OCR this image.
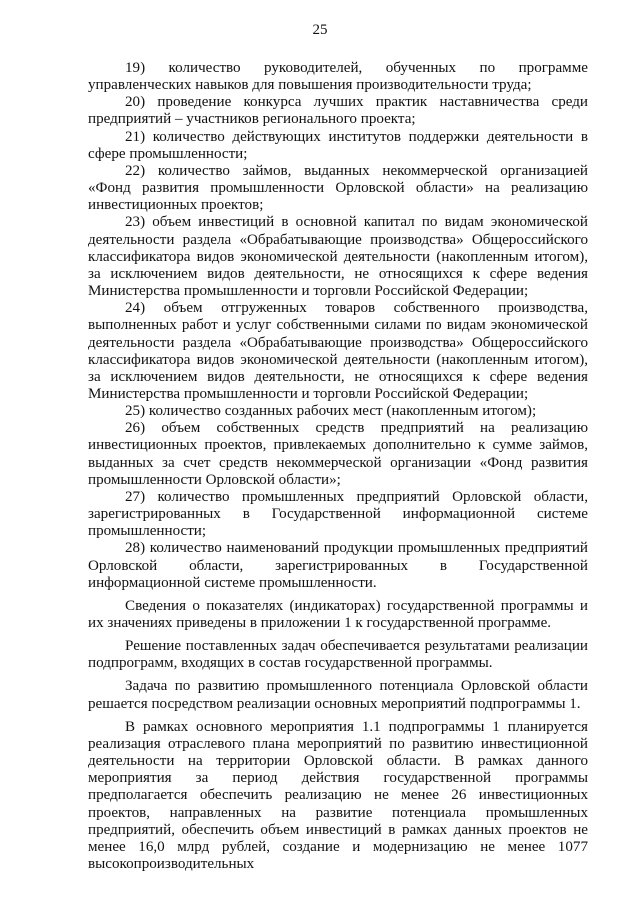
25

19) количество руководителей, обученных по программе управленческих навыков для повышения производительности труда;

20) проведение конкурса лучших практик наставничества среди предприятий – участников регионального проекта;

21) количество действующих институтов поддержки деятельности в сфере промышленности;

22) количество займов, выданных некоммерческой организацией «Фонд развития промышленности Орловской области» на реализацию инвестиционных проектов;

23) объем инвестиций в основной капитал по видам экономической деятельности раздела «Обрабатывающие производства» Общероссийского классификатора видов экономической деятельности (накопленным итогом), за исключением видов деятельности, не относящихся к сфере ведения Министерства промышленности и торговли Российской Федерации;

24) объем отгруженных товаров собственного производства, выполненных работ и услуг собственными силами по видам экономической деятельности раздела «Обрабатывающие производства» Общероссийского классификатора видов экономической деятельности (накопленным итогом), за исключением видов деятельности, не относящихся к сфере ведения Министерства промышленности и торговли Российской Федерации;

25) количество созданных рабочих мест (накопленным итогом);

26) объем собственных средств предприятий на реализацию инвестиционных проектов, привлекаемых дополнительно к сумме займов, выданных за счет средств некоммерческой организации «Фонд развития промышленности Орловской области»;

27) количество промышленных предприятий Орловской области, зарегистрированных в Государственной информационной системе промышленности;

28) количество наименований продукции промышленных предприятий Орловской области, зарегистрированных в Государственной информационной системе промышленности.

Сведения о показателях (индикаторах) государственной программы и их значениях приведены в приложении 1 к государственной программе.

Решение поставленных задач обеспечивается результатами реализации подпрограмм, входящих в состав государственной программы.

Задача по развитию промышленного потенциала Орловской области решается посредством реализации основных мероприятий подпрограммы 1.

В рамках основного мероприятия 1.1 подпрограммы 1 планируется реализация отраслевого плана мероприятий по развитию инвестиционной деятельности на территории Орловской области. В рамках данного мероприятия за период действия государственной программы предполагается обеспечить реализацию не менее 26 инвестиционных проектов, направленных на развитие потенциала промышленных предприятий, обеспечить объем инвестиций в рамках данных проектов не менее 16,0 млрд рублей, создание и модернизацию не менее 1077 высокопроизводительных
